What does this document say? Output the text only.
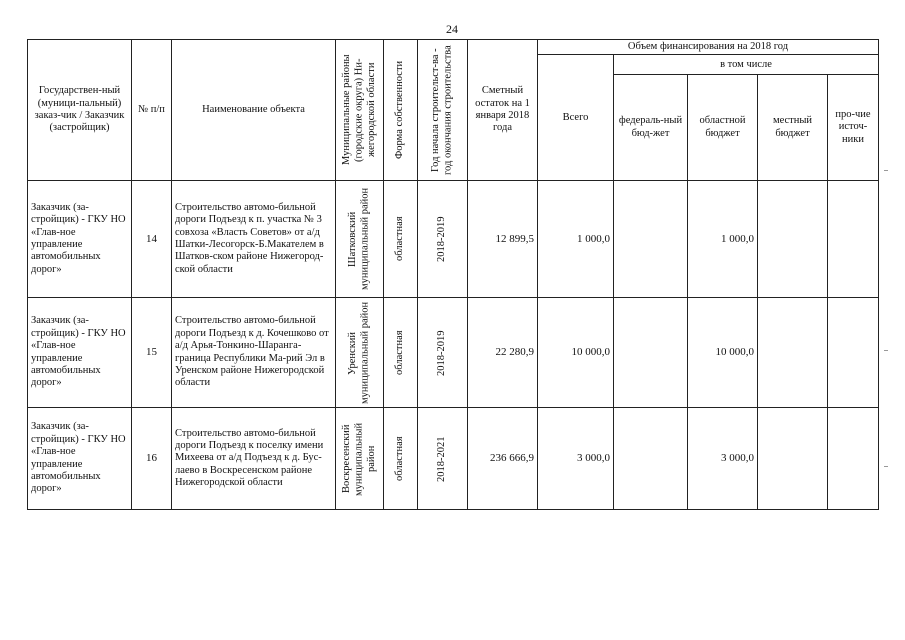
24
Государствен-ный (муници-пальный) заказ-чик / Заказчик (застройщик)	№ п/п	Наименование объекта	Муниципальные районы (городские округа) Ни-жегородской области	Форма собственности	Год начала строительст-ва - год окончания строительства	Сметный остаток на 1 января 2018 года	Объем финансирования на 2018 год				
							Всего	в том числе			
								федераль-ный бюд-жет	областной бюджет	местный бюджет	про-чие источ-ники
Заказчик (за-стройщик) - ГКУ НО «Глав-ное управление автомобильных дорог»	14	Строительство автомо-бильной дороги Подъезд к п. участка № 3 совхоза «Власть Советов» от а/д Шатки-Лесогорск-Б.Макателем в Шатков-ском районе Нижегород-ской области	Шатковский муниципальный район	областная	2018-2019	12 899,5	1 000,0		1 000,0		
Заказчик (за-стройщик) - ГКУ НО «Глав-ное управление автомобильных дорог»	15	Строительство автомо-бильной дороги Подъезд к д. Кочешково от а/д Арья-Тонкино-Шаранга-граница Республики Ма-рий Эл в Уренском районе Нижегородской области	Уренский муниципальный район	областная	2018-2019	22 280,9	10 000,0		10 000,0		
Заказчик (за-стройщик) - ГКУ НО «Глав-ное управление автомобильных дорог»	16	Строительство автомо-бильной дороги Подъезд к поселку имени Михеева от а/д Подъезд к д. Бус-лаево в Воскресенском районе Нижегородской области	Воскресенский муниципальный район	областная	2018-2021	236 666,9	3 000,0		3 000,0		
